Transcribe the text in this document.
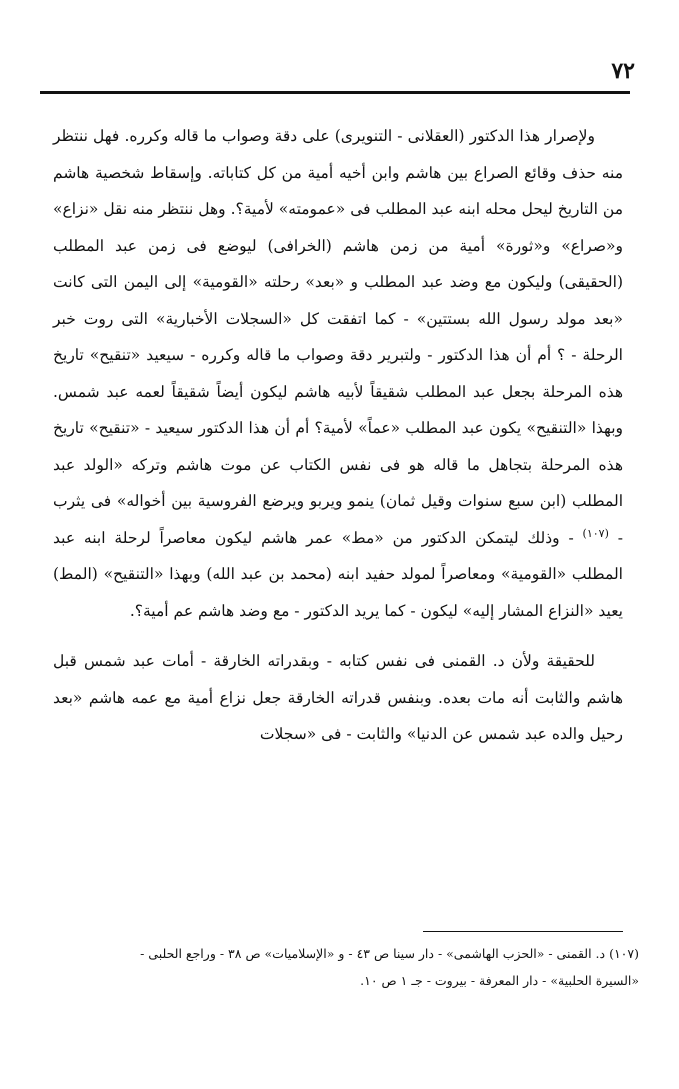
٧٢

ولإصرار هذا الدكتور (العقلانى - التنويرى) على دقة وصواب ما قاله وكرره. فهل ننتظر منه حذف وقائع الصراع بين هاشم وابن أخيه أمية من كل كتاباته. وإسقاط شخصية هاشم من التاريخ ليحل محله ابنه عبد المطلب فى «عمومته» لأمية؟. وهل ننتظر منه نقل «نزاع» و«صراع» و«ثورة» أمية من زمن هاشم (الخرافى) ليوضع فى زمن عبد المطلب (الحقيقى) وليكون مع وضد عبد المطلب و «بعد» رحلته «القومية» إلى اليمن التى كانت «بعد مولد رسول الله بستتين» - كما اتفقت كل «السجلات الأخبارية» التى روت خبر الرحلة - ؟ أم أن هذا الدكتور - ولتبرير دقة وصواب ما قاله وكرره - سيعيد «تنقيح» تاريخ هذه المرحلة بجعل عبد المطلب شقيقاً لأبيه هاشم ليكون أيضاً شقيقاً لعمه عبد شمس. وبهذا «التنقيح» يكون عبد المطلب «عماً» لأمية؟ أم أن هذا الدكتور سيعيد - «تنقيح» تاريخ هذه المرحلة بتجاهل ما قاله هو فى نفس الكتاب عن موت هاشم وتركه «الولد عبد المطلب (ابن سبع سنوات وقيل ثمان) ينمو ويربو ويرضع الفروسية بين أخواله» فى يثرب - $^{(١٠٧)}$ - وذلك ليتمكن الدكتور من «مط» عمر هاشم ليكون معاصراً لرحلة ابنه عبد المطلب «القومية» ومعاصراً لمولد حفيد ابنه (محمد بن عبد الله) وبهذا «التنقيح» (المط) يعيد «النزاع المشار إليه» ليكون - كما يريد الدكتور - مع وضد هاشم عم أمية؟.

للحقيقة ولأن د. القمنى فى نفس كتابه - وبقدراته الخارقة - أمات عبد شمس قبل هاشم والثابت أنه مات بعده. وبنفس قدراته الخارقة جعل نزاع أمية مع عمه هاشم «بعد رحيل والده عبد شمس عن الدنيا» والثابت - فى «سجلات

(١٠٧) د. القمنى - «الحزب الهاشمى» - دار سينا ص ٤٣ - و «الإسلاميات» ص ٣٨ - وراجع الحلبى -

«السيرة الحلبية» - دار المعرفة - بيروت - جـ ١ ص ١٠.
